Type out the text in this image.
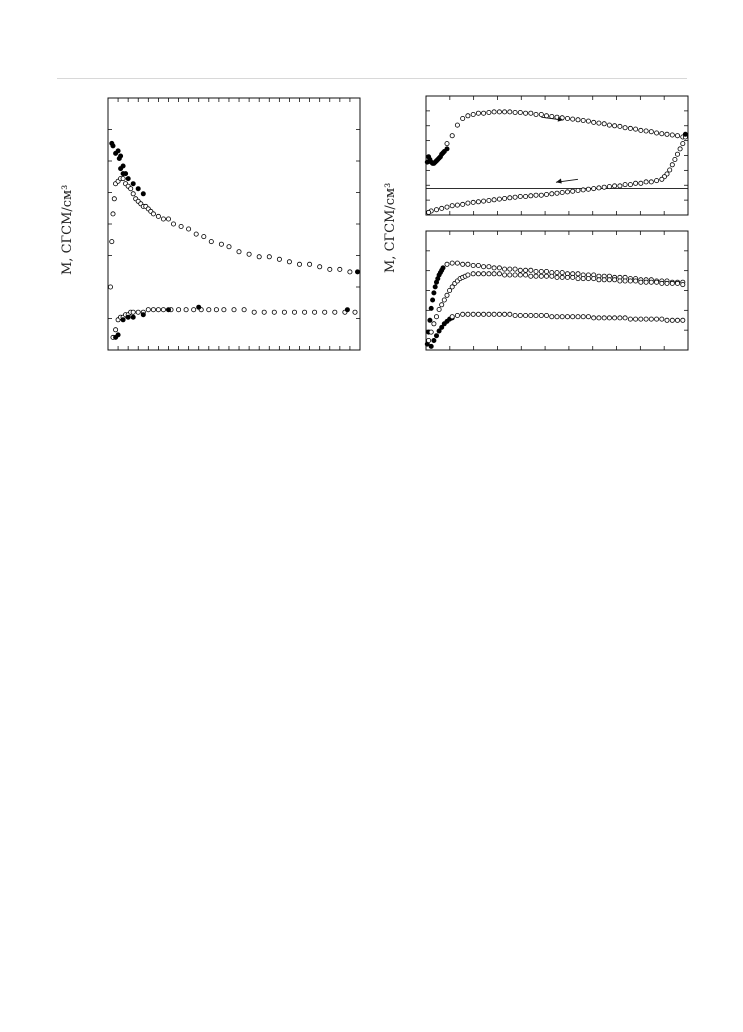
M, СГСМ/см³	M, СГСМ/см³
